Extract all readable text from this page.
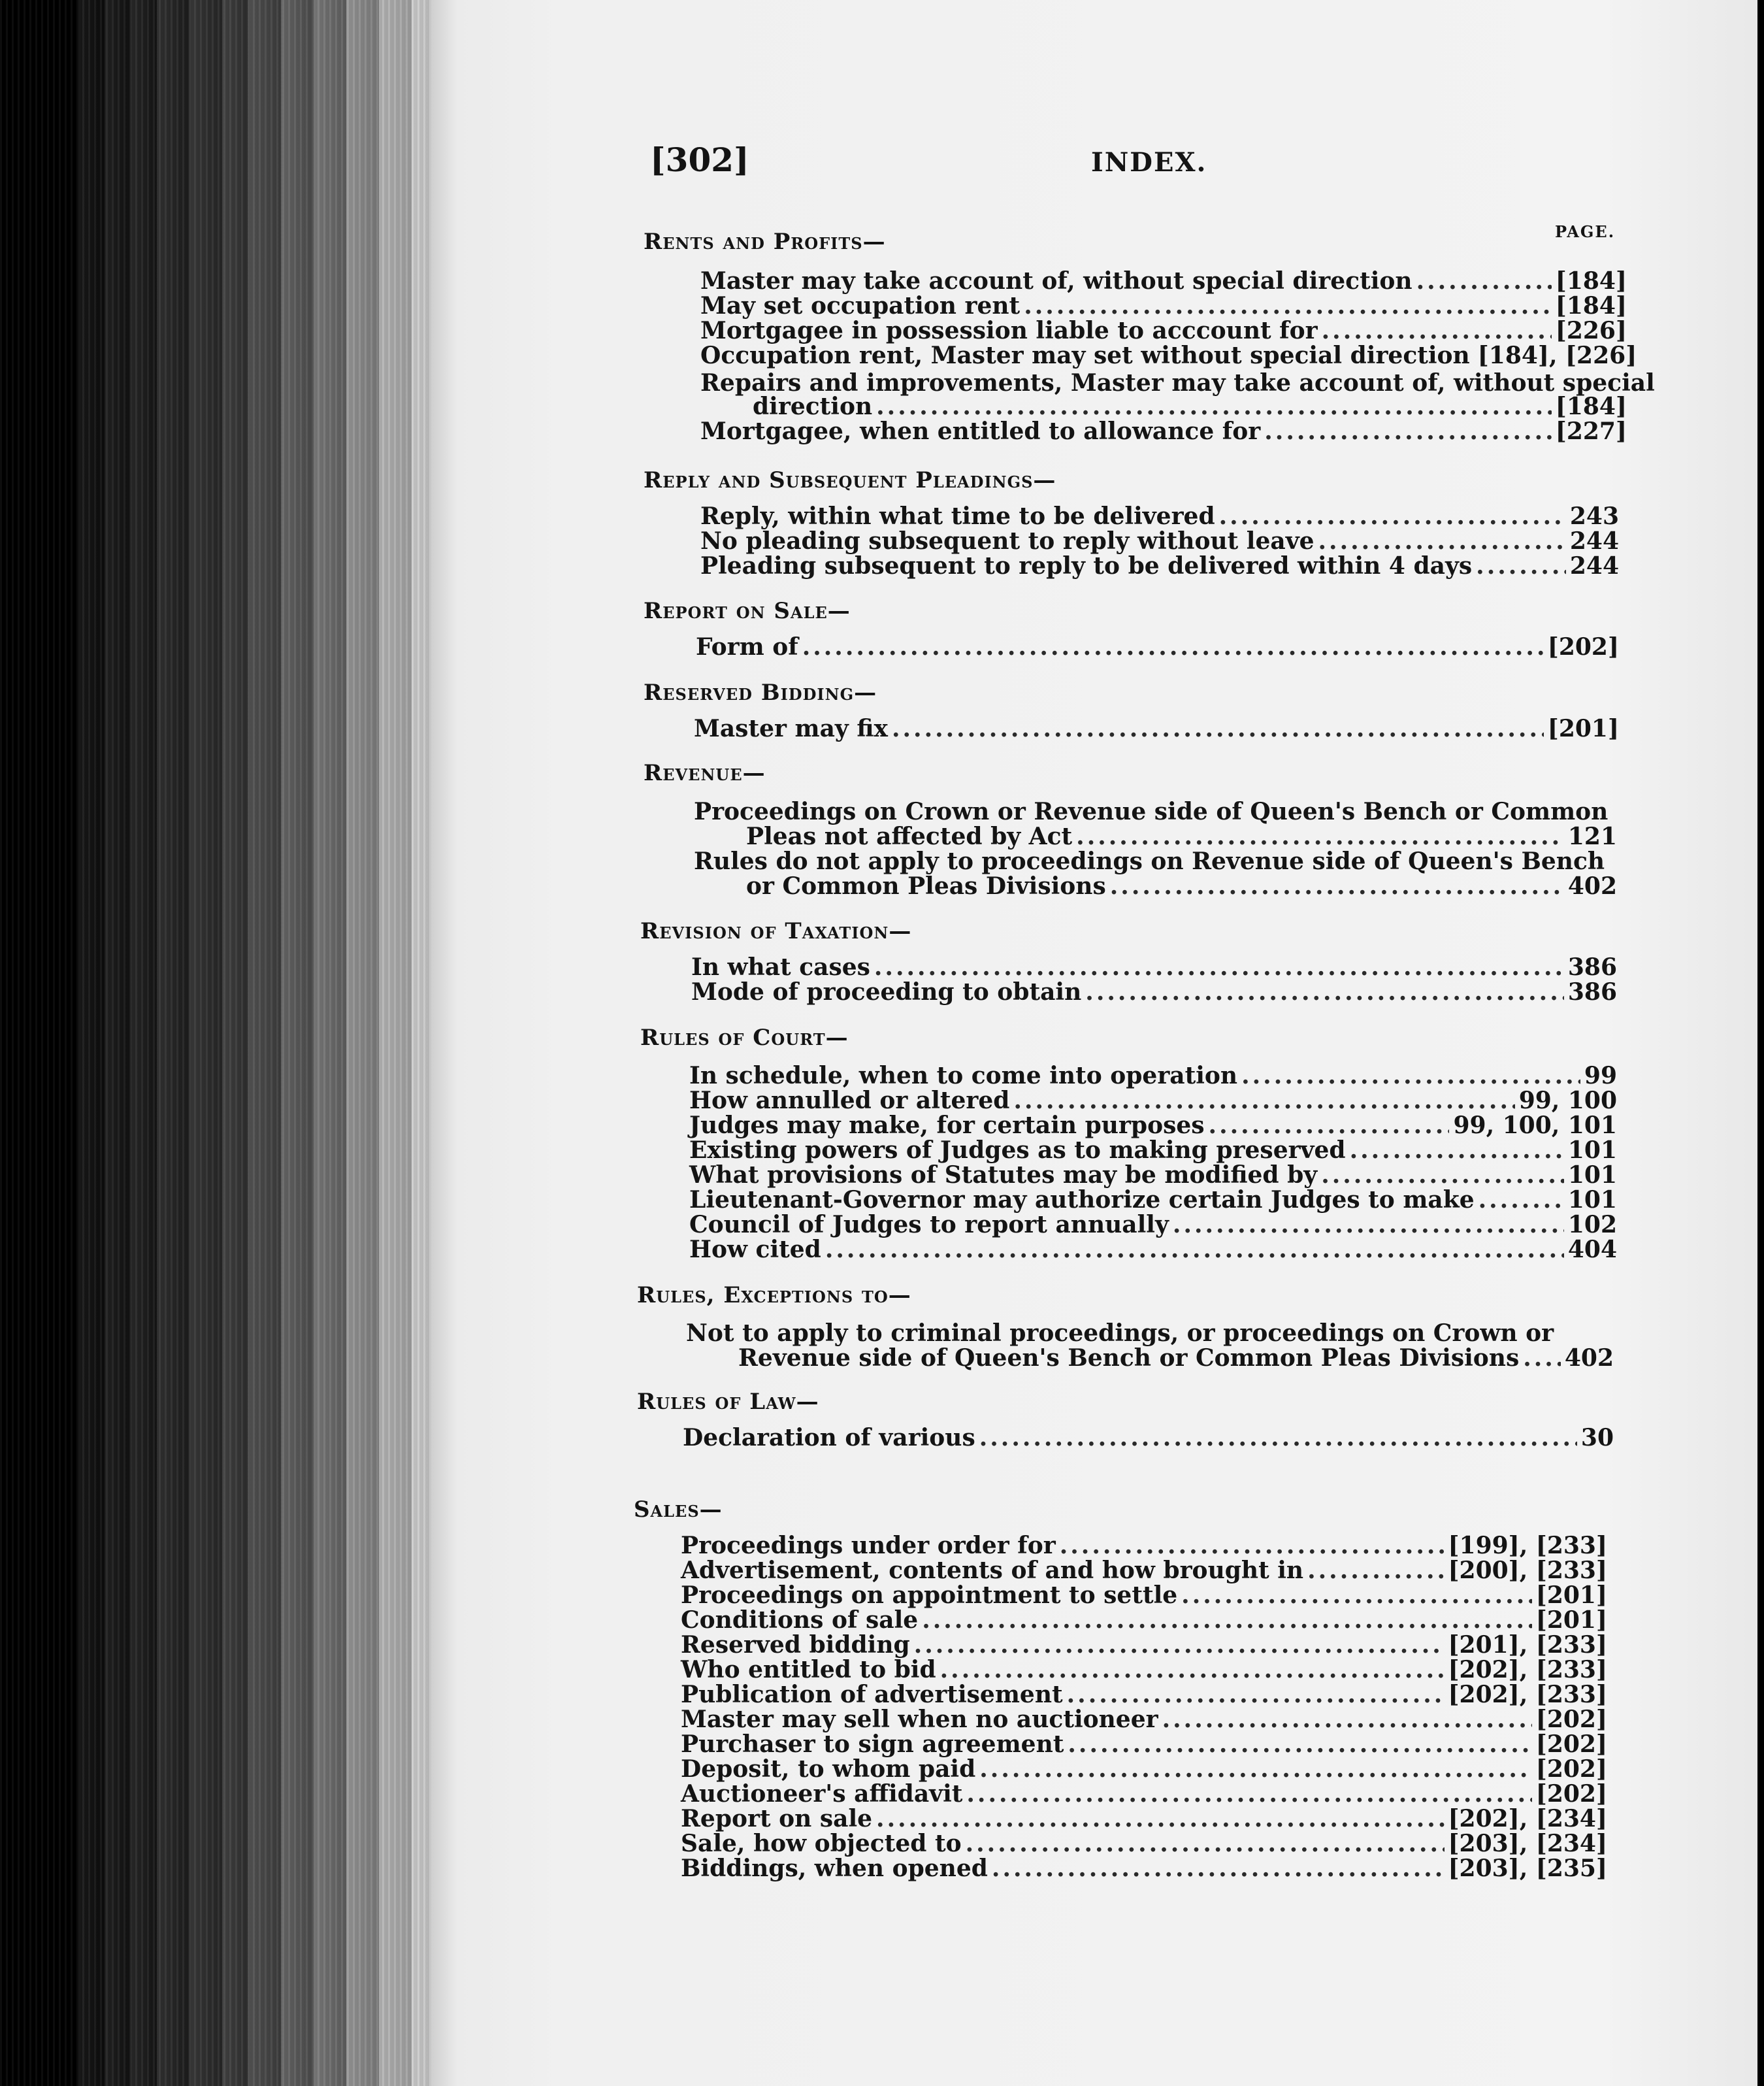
[302]	INDEX.
PAGE.
Rents and Profits—
Master may take account of, without special direction .....	[184]
May set occupation rent .....	[184]
Mortgagee in possession liable to acccount for .....	[226]
Occupation rent, Master may set without special direction [184], [226]
Repairs and improvements, Master may take account of, without special
direction .....	[184]
Mortgagee, when entitled to allowance for .....	[227]
Reply and Subsequent Pleadings—
Reply, within what time to be delivered .....	243
No pleading subsequent to reply without leave .....	244
Pleading subsequent to reply to be delivered within 4 days .....	244
Report on Sale—
Form of .....	[202]
Reserved Bidding—
Master may fix .....	[201]
Revenue—
Proceedings on Crown or Revenue side of Queen's Bench or Common
Pleas not affected by Act .....	121
Rules do not apply to proceedings on Revenue side of Queen's Bench
or Common Pleas Divisions .....	402
Revision of Taxation—
In what cases .....	386
Mode of proceeding to obtain .....	386
Rules of Court—
In schedule, when to come into operation .....	99
How annulled or altered .....	99, 100
Judges may make, for certain purposes .....	99, 100, 101
Existing powers of Judges as to making preserved .....	101
What provisions of Statutes may be modified by .....	101
Lieutenant-Governor may authorize certain Judges to make .....	101
Council of Judges to report annually .....	102
How cited .....	404
Rules, Exceptions to—
Not to apply to criminal proceedings, or proceedings on Crown or
Revenue side of Queen's Bench or Common Pleas Divisions ..... 402
Rules of Law—
Declaration of various .....	30
Sales—
Proceedings under order for .....	[199], [233]
Advertisement, contents of and how brought in .....	[200], [233]
Proceedings on appointment to settle .....	[201]
Conditions of sale .....	[201]
Reserved bidding .....	[201], [233]
Who entitled to bid .....	[202], [233]
Publication of advertisement .....	[202], [233]
Master may sell when no auctioneer .....	[202]
Purchaser to sign agreement .....	[202]
Deposit, to whom paid .....	[202]
Auctioneer's affidavit .....	[202]
Report on sale .....	[202], [234]
Sale, how objected to .....	[203], [234]
Biddings, when opened .....	[203], [235]
